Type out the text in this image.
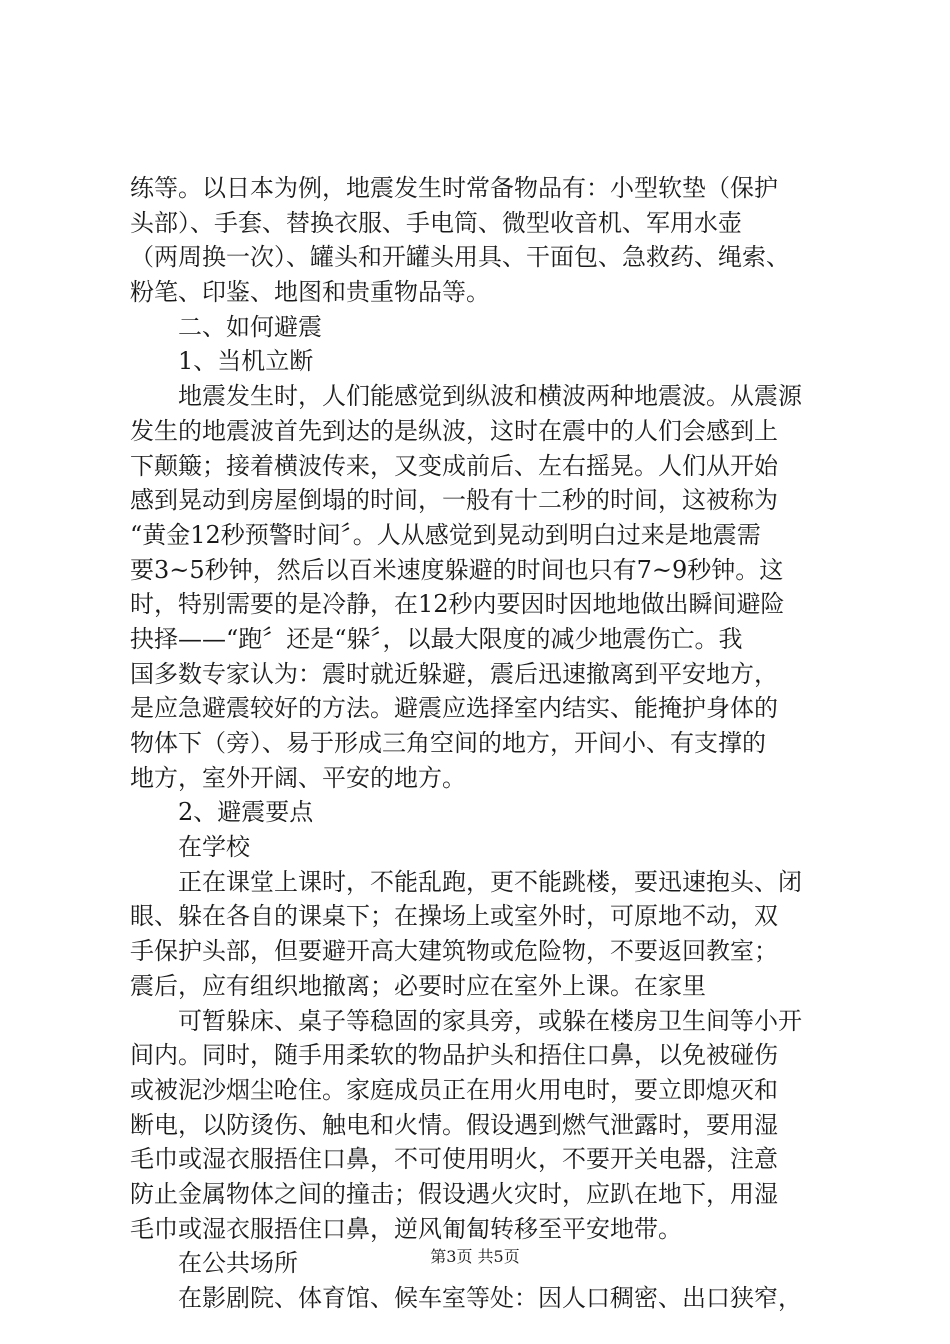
练等。以日本为例，地震发生时常备物品有：小型软垫（保护
头部）、手套、替换衣服、手电筒、微型收音机、军用水壶
（两周换一次）、罐头和开罐头用具、干面包、急救药、绳索、
粉笔、印鉴、地图和贵重物品等。
二、如何避震
1、当机立断
地震发生时，人们能感觉到纵波和横波两种地震波。从震源
发生的地震波首先到达的是纵波，这时在震中的人们会感到上
下颠簸；接着横波传来，又变成前后、左右摇晃。人们从开始
感到晃动到房屋倒塌的时间，一般有十二秒的时间，这被称为
“黄金12秒预警时间〞。人从感觉到晃动到明白过来是地震需
要3~5秒钟，然后以百米速度躲避的时间也只有7~9秒钟。这
时，特别需要的是冷静，在12秒内要因时因地地做出瞬间避险
抉择——“跑〞还是“躲〞，以最大限度的减少地震伤亡。我
国多数专家认为：震时就近躲避，震后迅速撤离到平安地方，
是应急避震较好的方法。避震应选择室内结实、能掩护身体的
物体下（旁）、易于形成三角空间的地方，开间小、有支撑的
地方，室外开阔、平安的地方。
2、避震要点
在学校
正在课堂上课时，不能乱跑，更不能跳楼，要迅速抱头、闭
眼、躲在各自的课桌下；在操场上或室外时，可原地不动，双
手保护头部，但要避开高大建筑物或危险物，不要返回教室；
震后，应有组织地撤离；必要时应在室外上课。在家里
可暂躲床、桌子等稳固的家具旁，或躲在楼房卫生间等小开
间内。同时，随手用柔软的物品护头和捂住口鼻，以免被碰伤
或被泥沙烟尘呛住。家庭成员正在用火用电时，要立即熄灭和
断电，以防烫伤、触电和火情。假设遇到燃气泄露时，要用湿
毛巾或湿衣服捂住口鼻，不可使用明火，不要开关电器，注意
防止金属物体之间的撞击；假设遇火灾时，应趴在地下，用湿
毛巾或湿衣服捂住口鼻，逆风匍匐转移至平安地带。
在公共场所
在影剧院、体育馆、候车室等处：因人口稠密、出口狭窄，
第3页 共5页
